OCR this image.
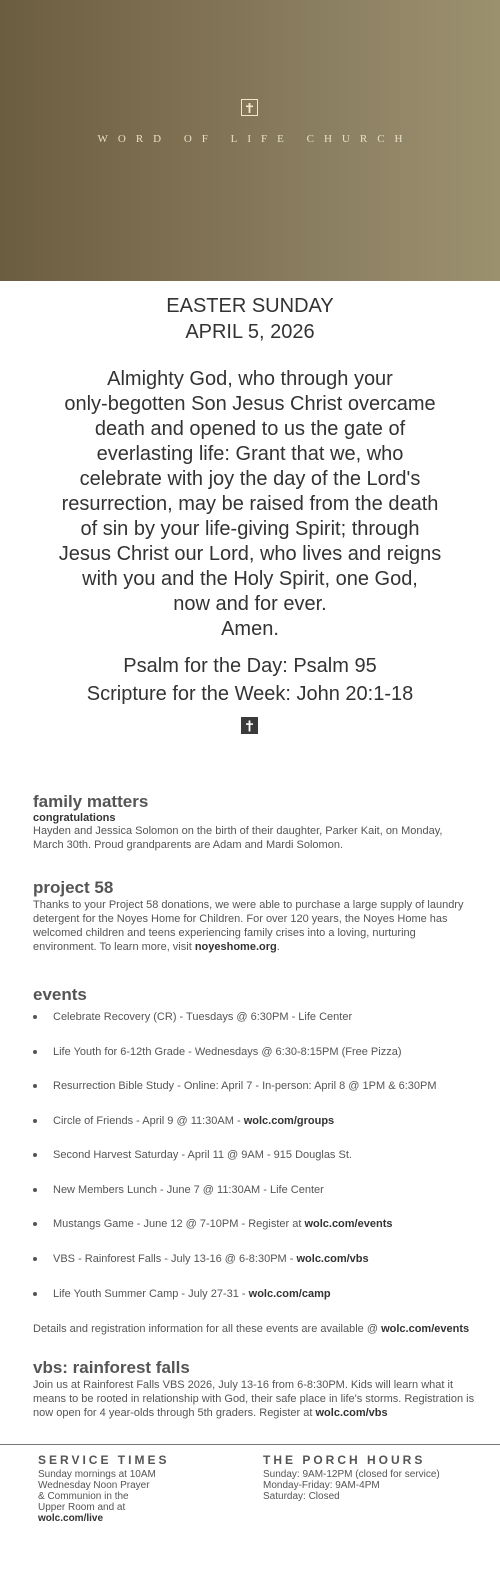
WORD OF LIFE CHURCH
EASTER SUNDAY
APRIL 5, 2026
Almighty God, who through your
only-begotten Son Jesus Christ overcame
death and opened to us the gate of
everlasting life: Grant that we, who
celebrate with joy the day of the Lord's
resurrection, may be raised from the death
of sin by your life-giving Spirit; through
Jesus Christ our Lord, who lives and reigns
with you and the Holy Spirit, one God,
now and for ever.
Amen.
Psalm for the Day: Psalm 95
Scripture for the Week: John 20:1-18
family matters
congratulations
Hayden and Jessica Solomon on the birth of their daughter, Parker Kait, on Monday, March 30th. Proud grandparents are Adam and Mardi Solomon.
project 58
Thanks to your Project 58 donations, we were able to purchase a large supply of laundry detergent for the Noyes Home for Children. For over 120 years, the Noyes Home has welcomed children and teens experiencing family crises into a loving, nurturing environment. To learn more, visit noyeshome.org.
events
Celebrate Recovery (CR) - Tuesdays @ 6:30PM - Life Center
Life Youth for 6-12th Grade - Wednesdays @ 6:30-8:15PM (Free Pizza)
Resurrection Bible Study - Online: April 7 - In-person: April 8 @ 1PM & 6:30PM
Circle of Friends - April 9 @ 11:30AM - wolc.com/groups
Second Harvest Saturday - April 11 @ 9AM - 915 Douglas St.
New Members Lunch - June 7 @ 11:30AM - Life Center
Mustangs Game - June 12 @ 7-10PM - Register at wolc.com/events
VBS - Rainforest Falls - July 13-16 @ 6-8:30PM - wolc.com/vbs
Life Youth Summer Camp - July 27-31 - wolc.com/camp
Details and registration information for all these events are available @ wolc.com/events
vbs: rainforest falls
Join us at Rainforest Falls VBS 2026, July 13-16 from 6-8:30PM. Kids will learn what it means to be rooted in relationship with God, their safe place in life's storms. Registration is now open for 4 year-olds through 5th graders. Register at wolc.com/vbs
SERVICE TIMES
Sunday mornings at 10AM
Wednesday Noon Prayer
& Communion in the
Upper Room and at
wolc.com/live
THE PORCH HOURS
Sunday: 9AM-12PM (closed for service)
Monday-Friday: 9AM-4PM
Saturday: Closed
